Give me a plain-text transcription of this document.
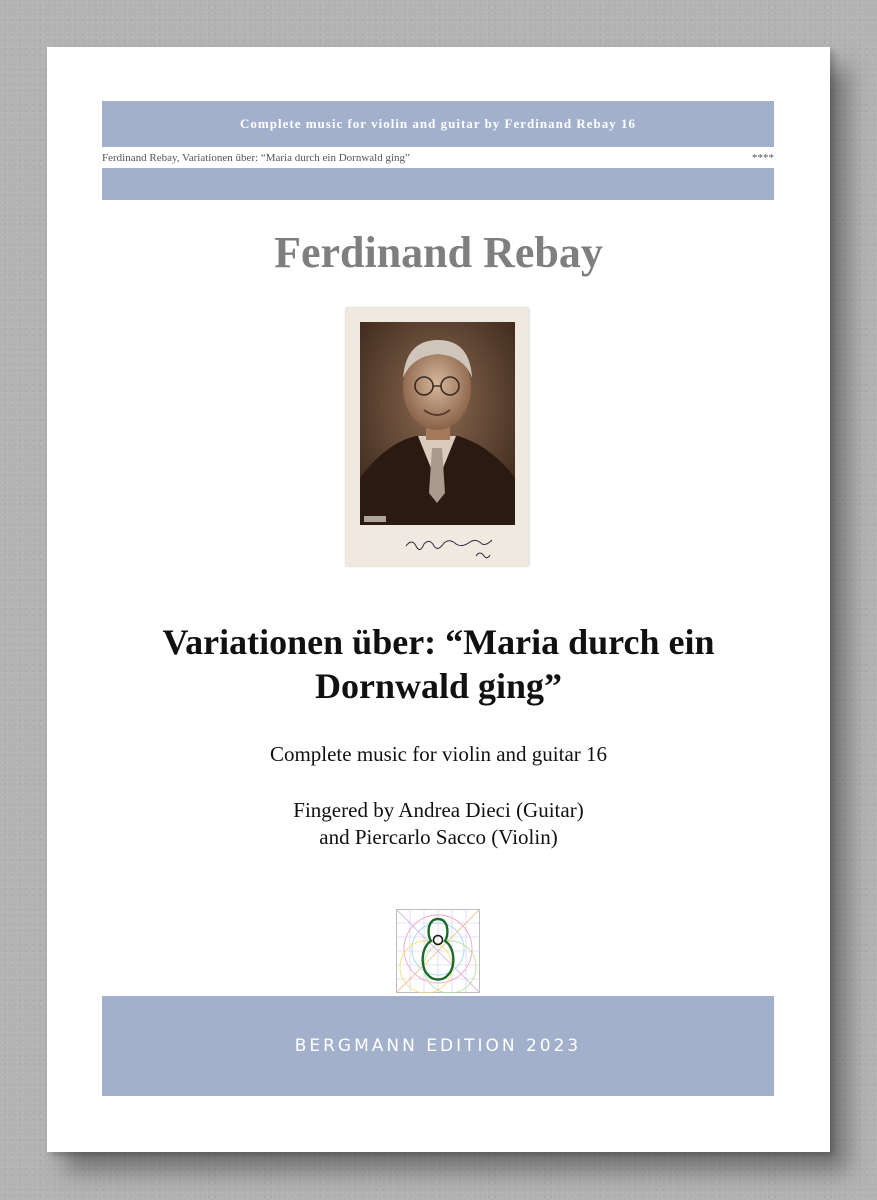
Complete music for violin and guitar by Ferdinand Rebay 16
Ferdinand Rebay, Variationen über: “Maria durch ein Dornwald ging”	****
Ferdinand Rebay
Variationen über: “Maria durch ein
Dornwald ging”
Complete music for violin and guitar 16
Fingered by Andrea Dieci (Guitar)
and Piercarlo Sacco (Violin)
BERGMANN EDITION 2023
